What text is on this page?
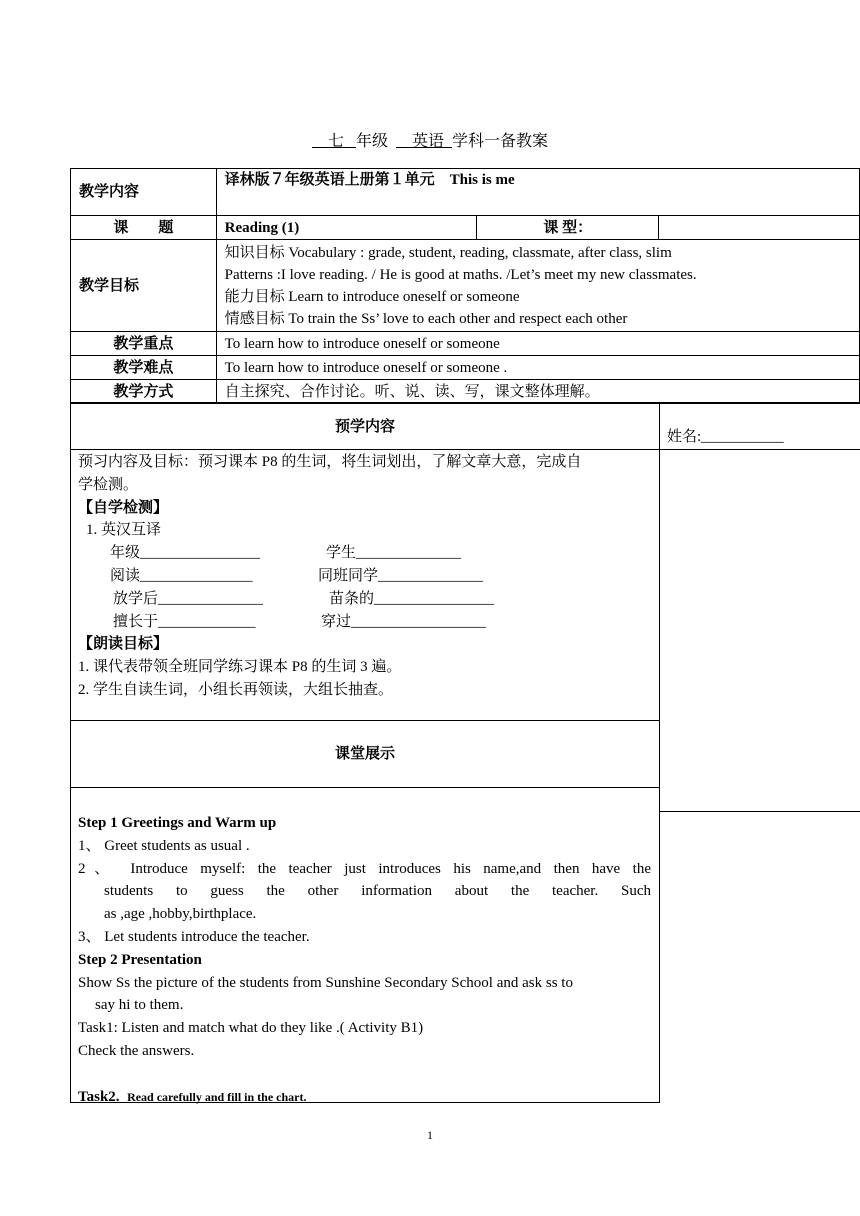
七 年级 英语 学科一备教案
教学内容	译林版７年级英语上册第１单元 This is me		
课　　题	Reading (1)	课 型：	
教学目标	知识目标 Vocabulary : grade, student, reading, classmate, after class, slim
Patterns :I love reading. / He is good at maths. /Let’s meet my new classmates.
能力目标 Learn to introduce oneself or someone
情感目标 To train the Ss’ love to each other and respect each other		

教学重点	To learn how to introduce oneself or someone		
教学难点	To learn how to introduce oneself or someone .		
教学方式	自主探究、合作讨论。听、说、读、写，课文整体理解。		
预学内容
姓名:___________
预习内容及目标：预习课本 P8 的生词，将生词划出，了解文章大意，完成自
学检测。
【自学检测】
1. 英汉互译
年级________________	学生______________
阅读_______________	同班同学______________
放学后______________	苗条的________________
擅长于_____________	穿过__________________
【朗读目标】
1. 课代表带领全班同学练习课本 P8 的生词 3 遍。
2. 学生自读生词，小组长再领读，大组长抽查。
课堂展示
Step 1 Greetings and Warm up
1、 Greet students as usual .
2、 Introduce myself: the teacher just introduces his name,and then have the
students to guess the other information about the teacher. Such
as ,age ,hobby,birthplace.
3、 Let students introduce the teacher.
Step 2 Presentation
Show Ss the picture of the students from Sunshine Secondary School and ask ss to
say hi to them.
Task1: Listen and match what do they like .( Activity B1)
Check the answers.
Task2. Read carefully and fill in the chart.
1
